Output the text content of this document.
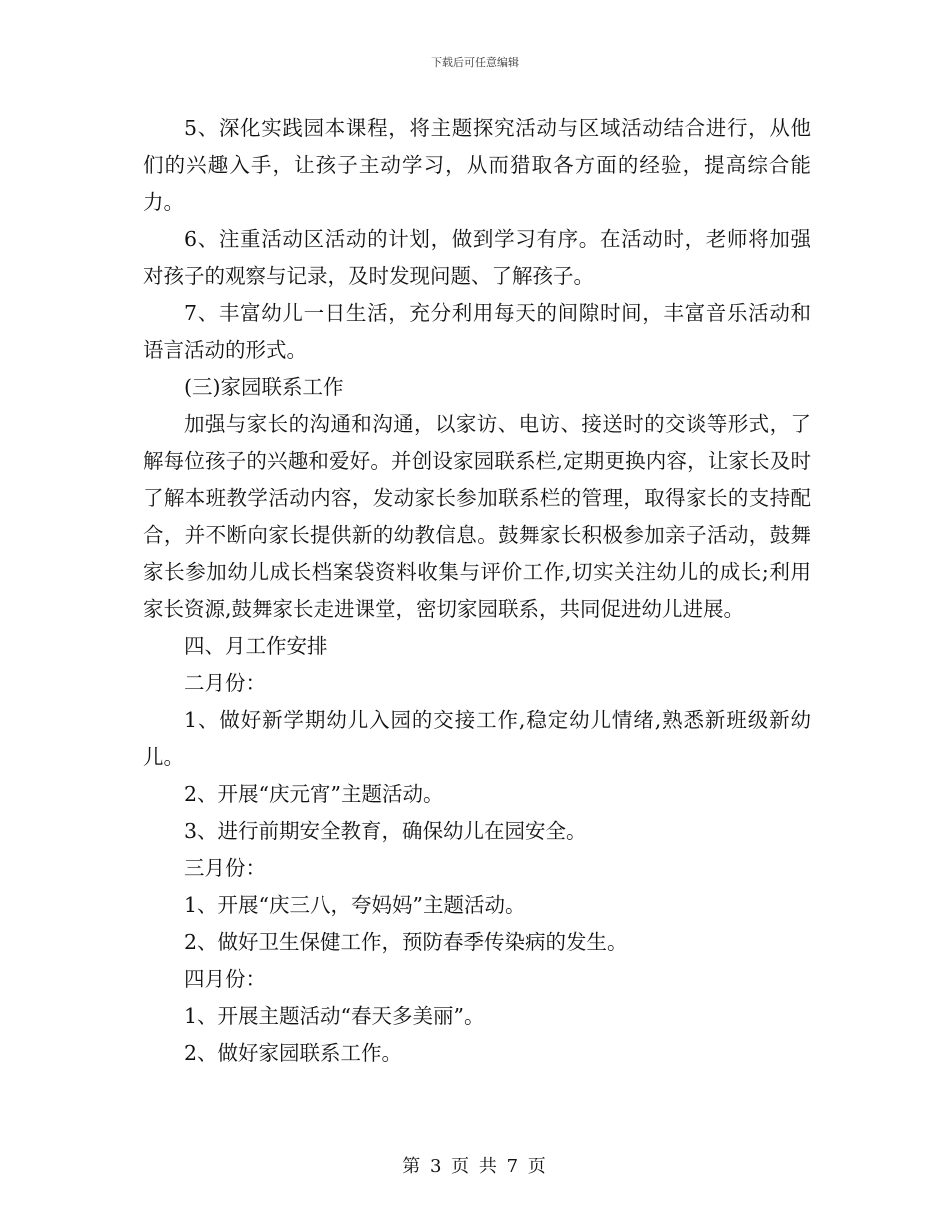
下载后可任意编辑

5、深化实践园本课程，将主题探究活动与区域活动结合进行，从他们的兴趣入手，让孩子主动学习，从而猎取各方面的经验，提高综合能力。

6、注重活动区活动的计划，做到学习有序。在活动时，老师将加强对孩子的观察与记录，及时发现问题、了解孩子。

7、丰富幼儿一日生活，充分利用每天的间隙时间，丰富音乐活动和语言活动的形式。

(三)家园联系工作

加强与家长的沟通和沟通，以家访、电访、接送时的交谈等形式，了解每位孩子的兴趣和爱好。并创设家园联系栏,定期更换内容，让家长及时了解本班教学活动内容，发动家长参加联系栏的管理，取得家长的支持配合，并不断向家长提供新的幼教信息。鼓舞家长积极参加亲子活动，鼓舞家长参加幼儿成长档案袋资料收集与评价工作,切实关注幼儿的成长;利用家长资源,鼓舞家长走进课堂，密切家园联系，共同促进幼儿进展。

四、月工作安排

二月份：

1、做好新学期幼儿入园的交接工作,稳定幼儿情绪,熟悉新班级新幼儿。

2、开展“庆元宵”主题活动。

3、进行前期安全教育，确保幼儿在园安全。

三月份：

1、开展“庆三八，夸妈妈”主题活动。

2、做好卫生保健工作，预防春季传染病的发生。

四月份：

1、开展主题活动“春天多美丽”。

2、做好家园联系工作。

第 3 页 共 7 页
